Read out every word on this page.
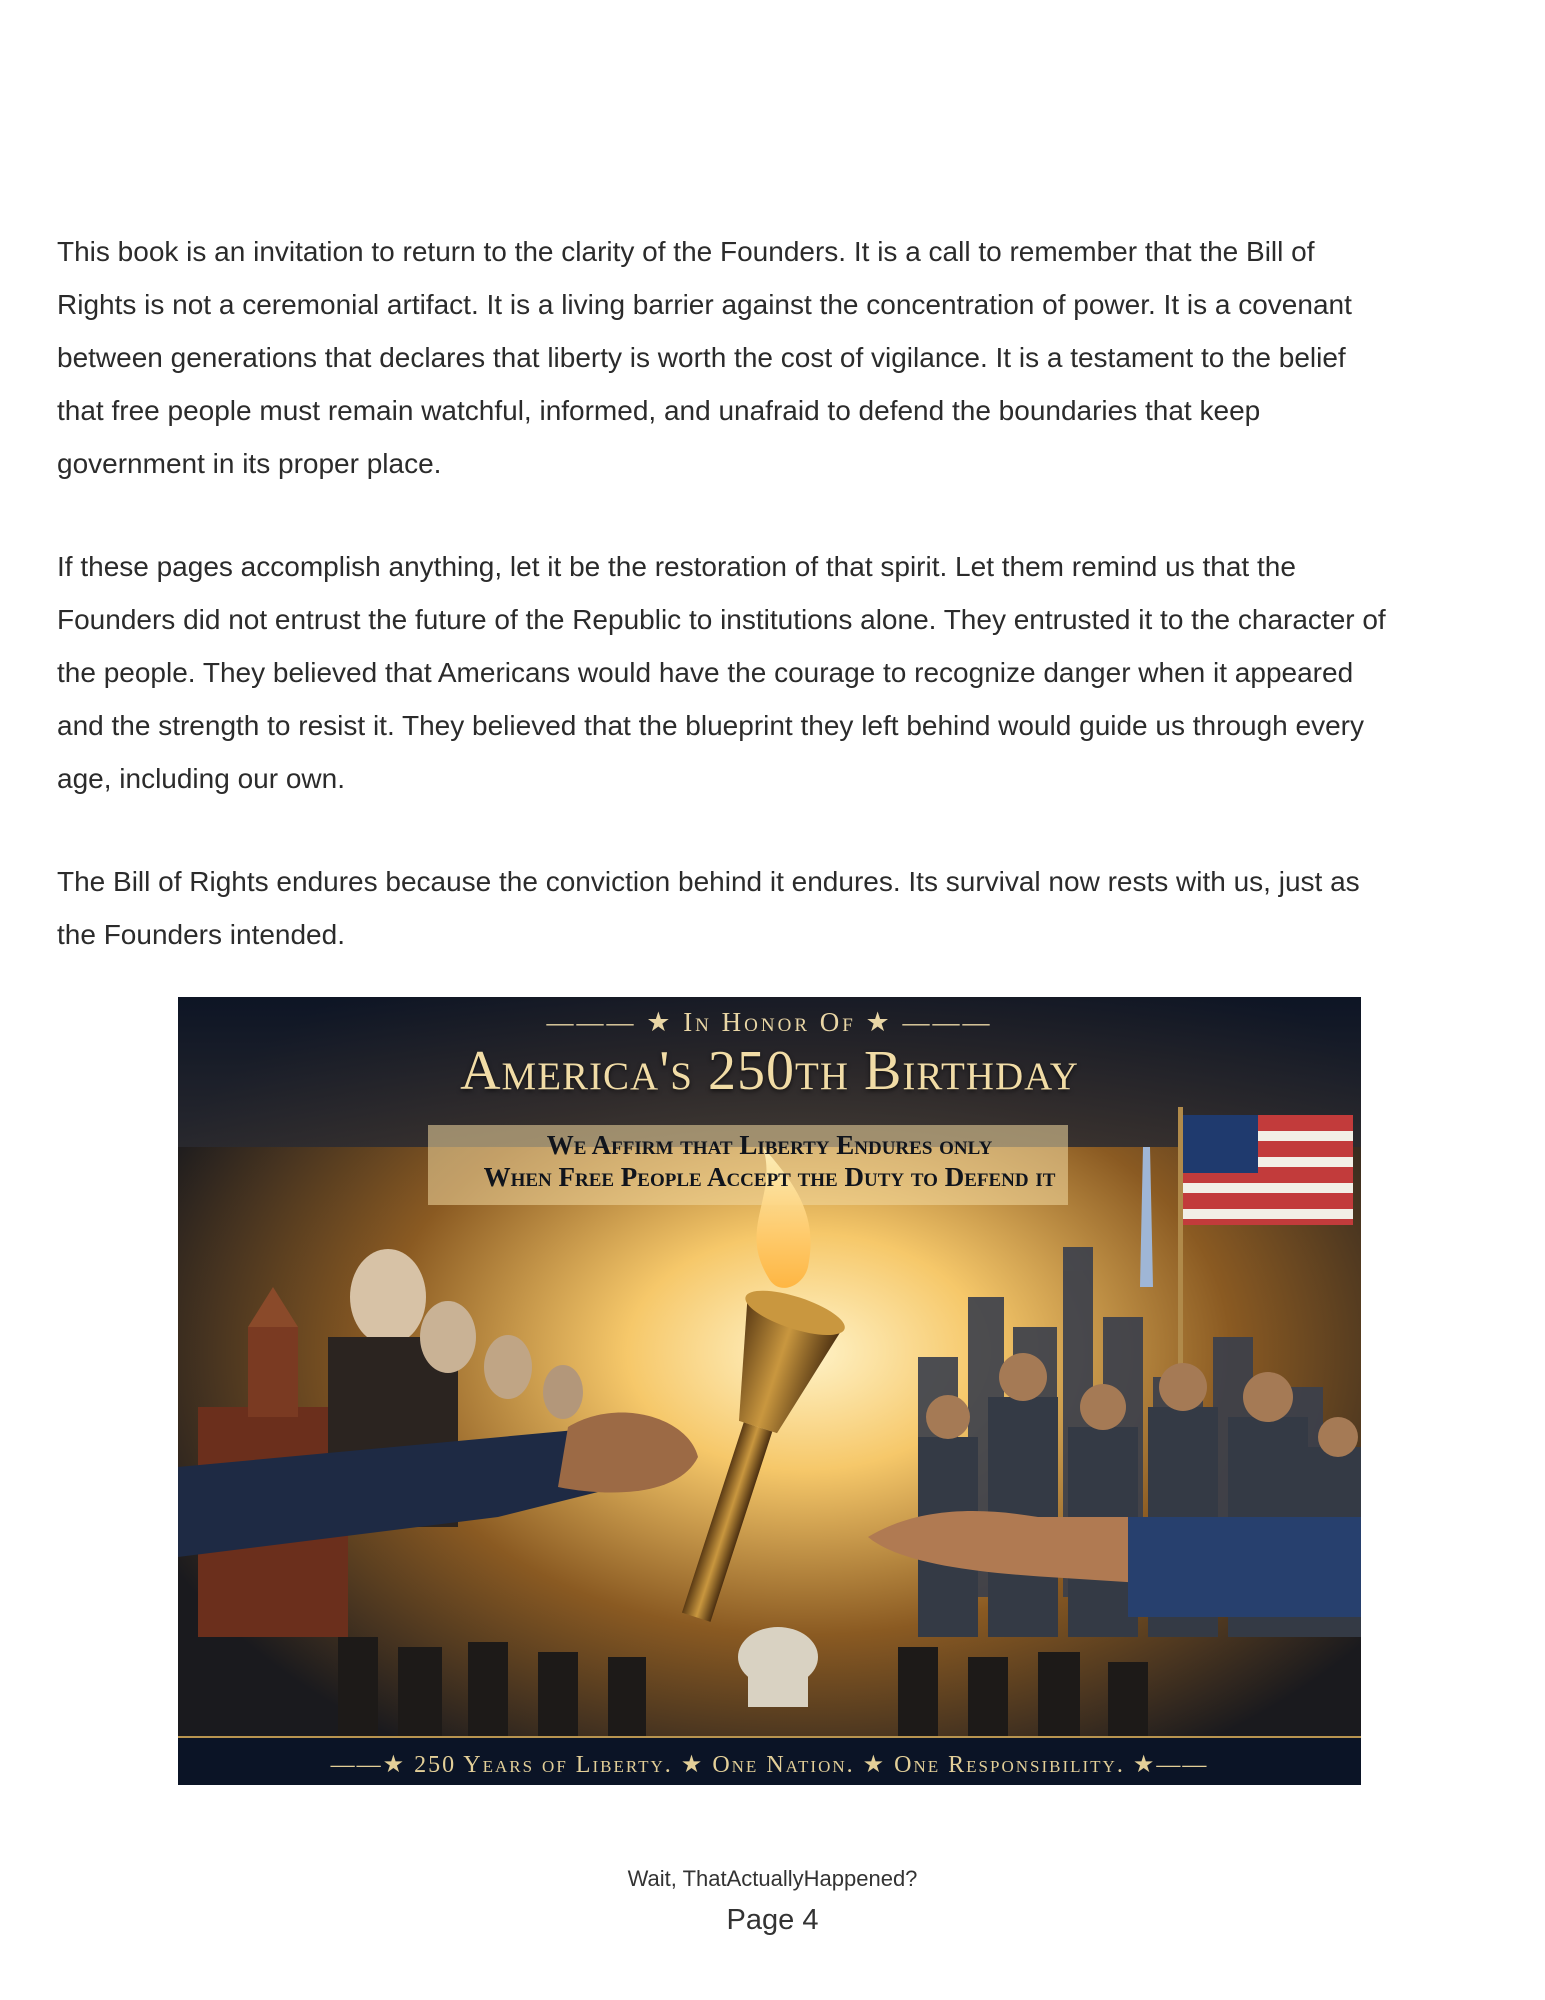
This book is an invitation to return to the clarity of the Founders. It is a call to remember that the Bill of
Rights is not a ceremonial artifact. It is a living barrier against the concentration of power. It is a covenant
between generations that declares that liberty is worth the cost of vigilance. It is a testament to the belief
that free people must remain watchful, informed, and unafraid to defend the boundaries that keep
government in its proper place.

If these pages accomplish anything, let it be the restoration of that spirit. Let them remind us that the
Founders did not entrust the future of the Republic to institutions alone. They entrusted it to the character of
the people. They believed that Americans would have the courage to recognize danger when it appeared
and the strength to resist it. They believed that the blueprint they left behind would guide us through every
age, including our own.

The Bill of Rights endures because the conviction behind it endures. Its survival now rests with us, just as
the Founders intended.

——— ★ In Honor Of ★ ———
America's 250th Birthday
We Affirm that Liberty Endures only
When Free People Accept the Duty to Defend it
——★ 250 Years of Liberty. ★ One Nation. ★ One Responsibility. ★——
Wait, ThatActuallyHappened?
Page 4
